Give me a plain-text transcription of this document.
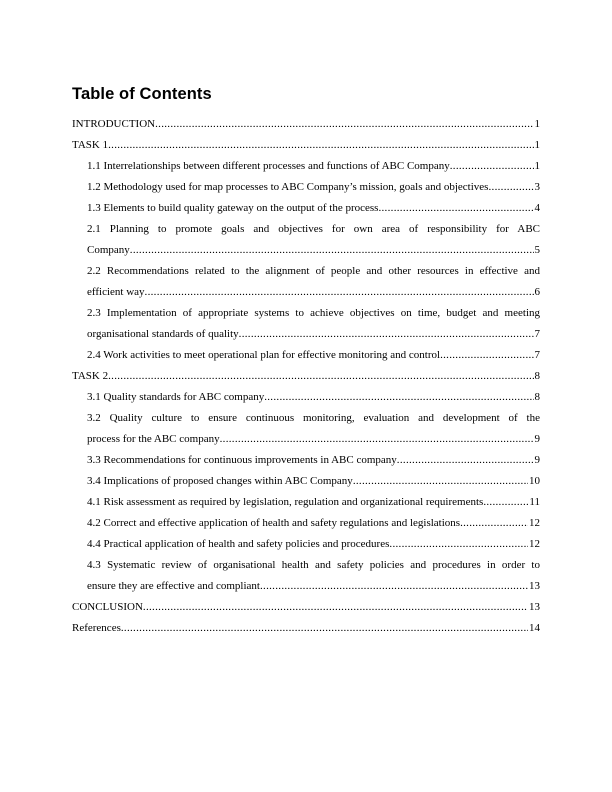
Table of Contents
INTRODUCTION .....	1
TASK 1 .....	1
1.1 Interrelationships between different processes and functions of ABC Company .....	1
1.2 Methodology used for map processes to ABC Company’s mission, goals and objectives .....	3
1.3 Elements to build quality gateway on the output of the process .....	4
2.1 Planning to promote goals and objectives for own area of responsibility for ABC
Company .....	5
2.2 Recommendations related to the alignment of people and other resources in effective and
efficient way .....	6
2.3 Implementation of appropriate systems to achieve objectives on time, budget and meeting
organisational standards of quality .....	7
2.4 Work activities to meet operational plan for effective monitoring and control .....	7
TASK 2 .....	8
3.1 Quality standards for ABC company .....	8
3.2 Quality culture to ensure continuous monitoring, evaluation and development of the
process for the ABC company .....	9
3.3 Recommendations for continuous improvements in ABC company .....	9
3.4 Implications of proposed changes within ABC Company .....	10
4.1 Risk assessment as required by legislation, regulation and organizational requirements .....	11
4.2 Correct and effective application of health and safety regulations and legislations .....	12
4.4 Practical application of health and safety policies and procedures .....	12
4.3 Systematic review of organisational health and safety policies and procedures in order to
ensure they are effective and compliant .....	13
CONCLUSION .....	13
References .....	14
